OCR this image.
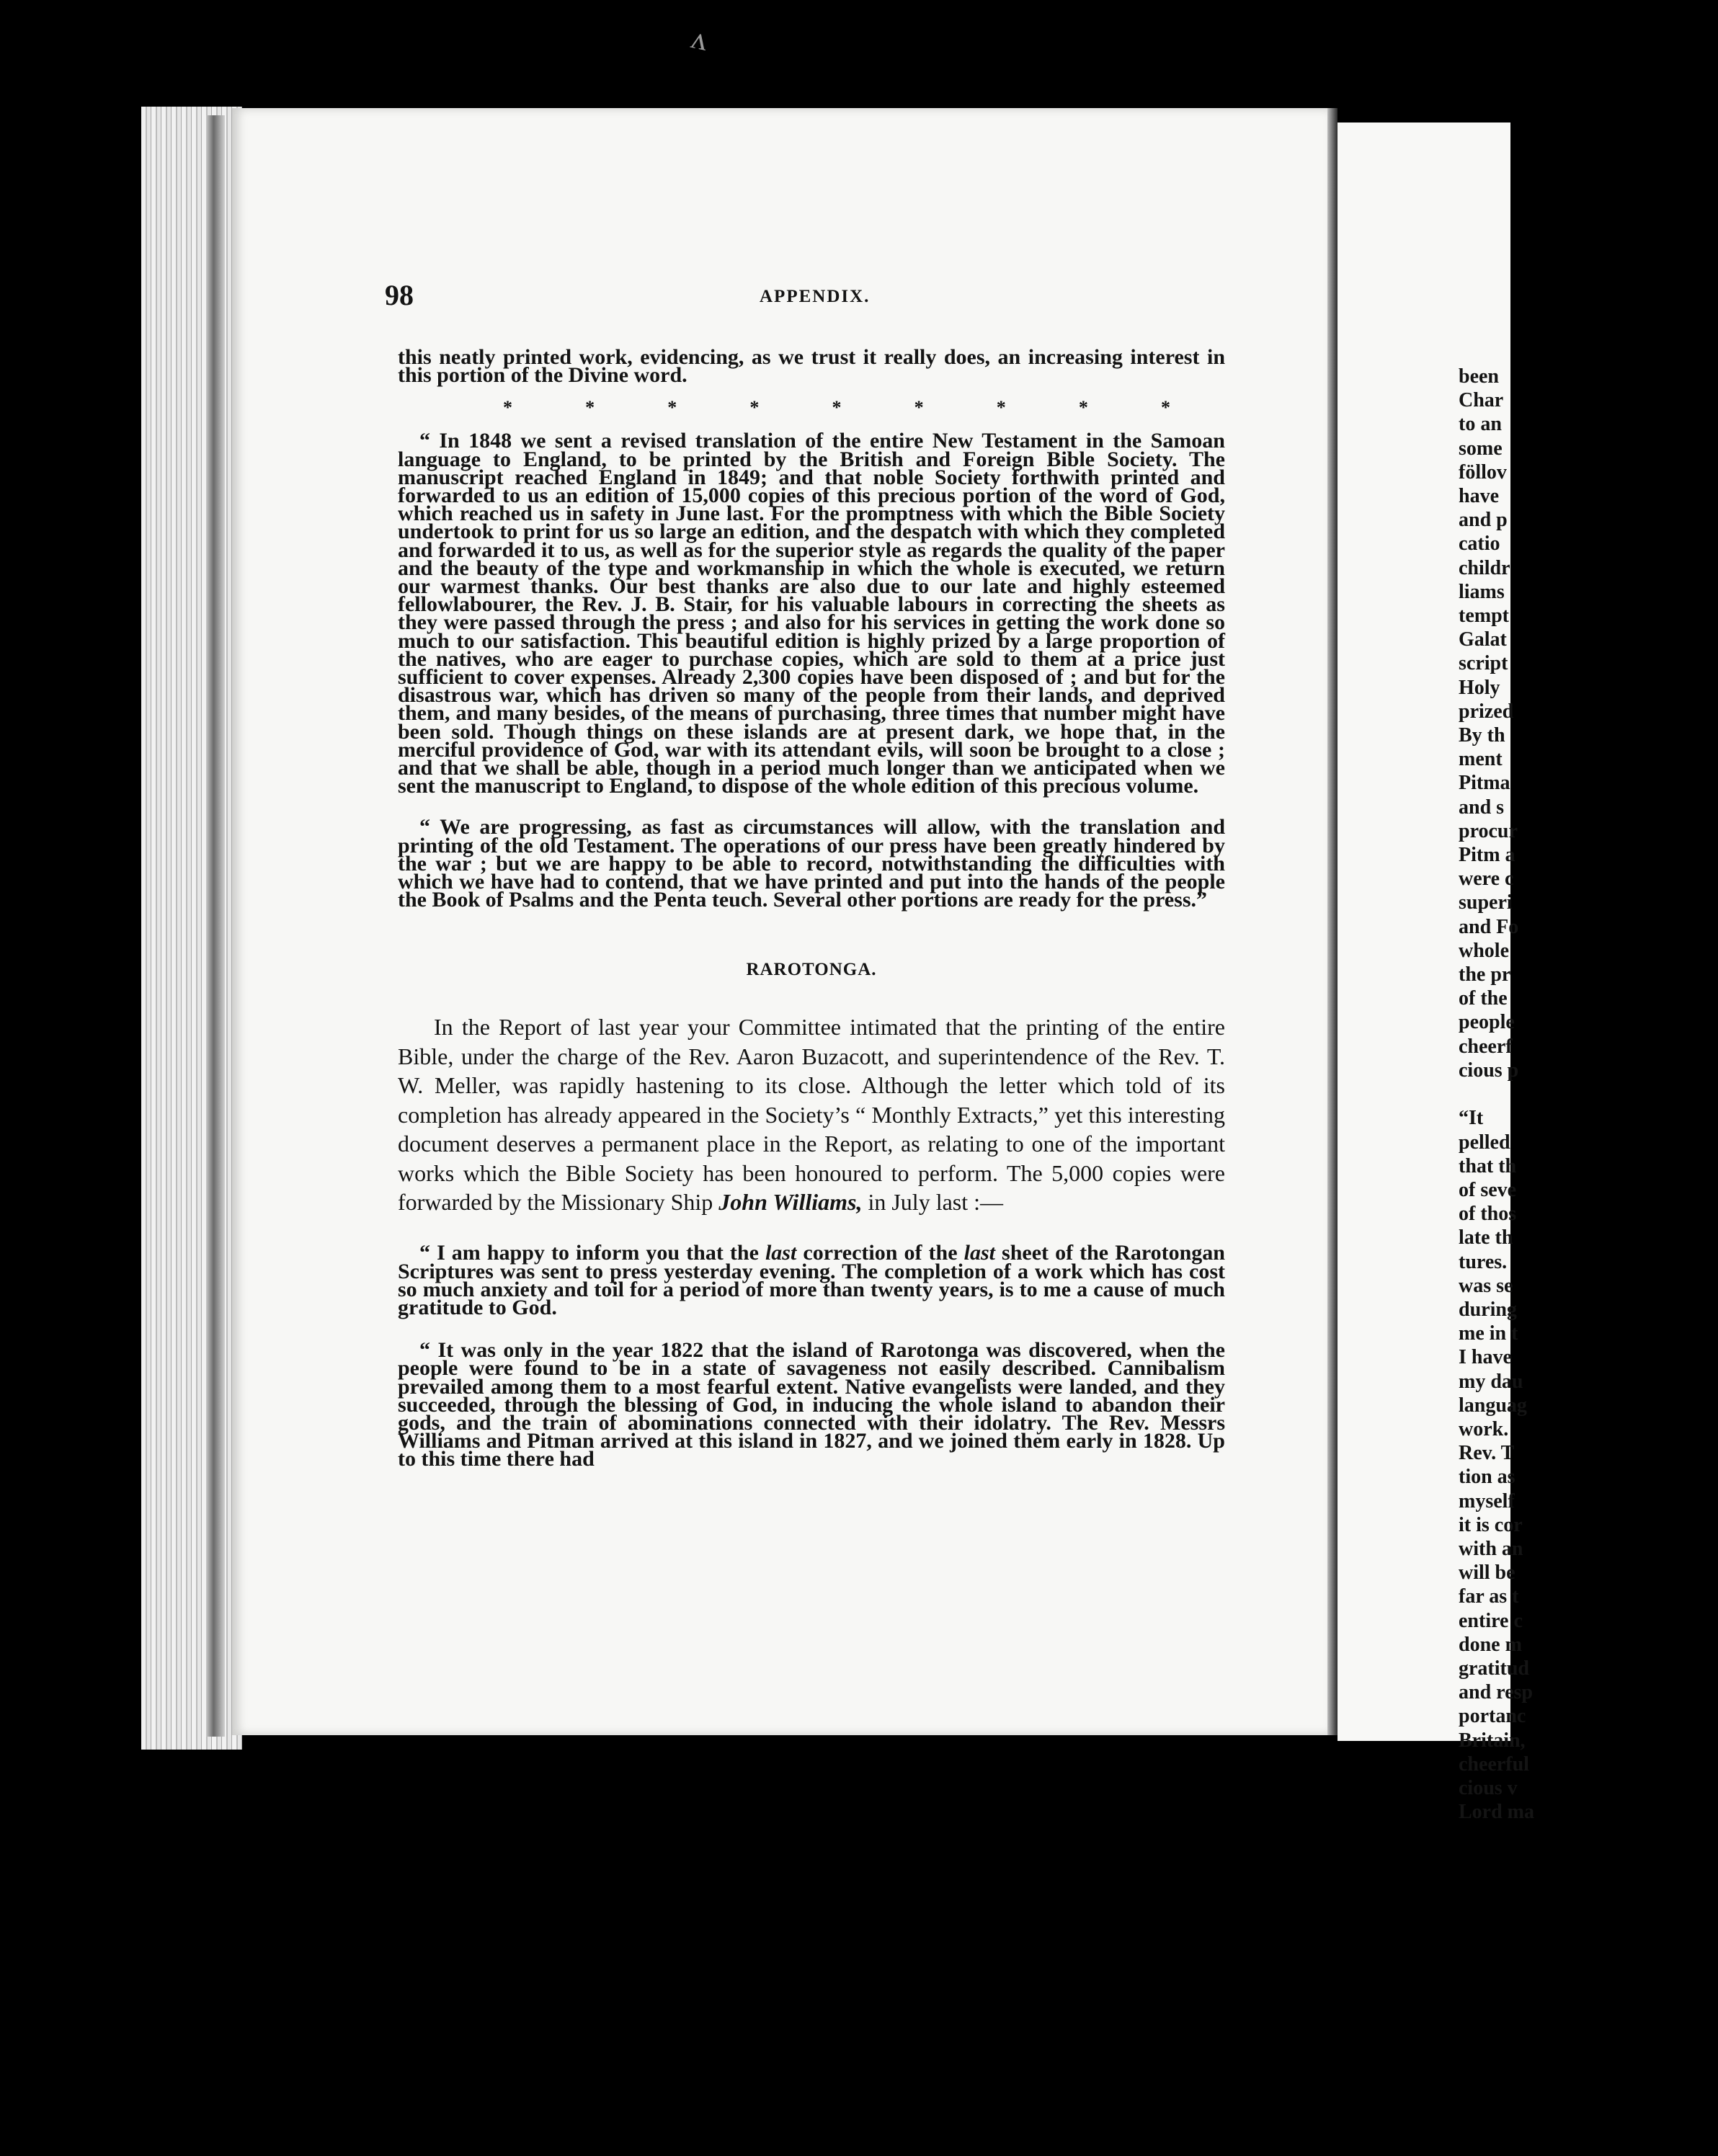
ʌ
been
Char
to an
some
föllov
have
and p
catio
childr
liams
tempt
Galat
script
Holy
prized
By th
ment
Pitma
and s
procur
Pitm a
were c
superi
and Fo
whole
the pr
of the
people
cheerf
cious p

“It
pelled
that th
of seve
of thos
late th
tures.
was se
during
me in t
I have
my dau
languag
work.
Rev. T
tion as
myself
it is cor
with an
will be
far as t
entire c
done m
gratitud
and resp
portanc
Britain,
cheerful
cious v
Lord ma
98	APPENDIX.

this neatly printed work, evidencing, as we trust it really does, an increasing interest in this portion of the Divine word.

*	*	*	*	*	*	*	*	*

“ In 1848 we sent a revised translation of the entire New Testament in the Samoan language to England, to be printed by the British and Foreign Bible Society. The manuscript reached England in 1849; and that noble Society forthwith printed and forwarded to us an edition of 15,000 copies of this precious portion of the word of God, which reached us in safety in June last. For the promptness with which the Bible Society undertook to print for us so large an edition, and the despatch with which they completed and forwarded it to us, as well as for the superior style as regards the quality of the paper and the beauty of the type and workmanship in which the whole is executed, we return our warmest thanks. Our best thanks are also due to our late and highly esteemed fellowlabourer, the Rev. J. B. Stair, for his valuable labours in correcting the sheets as they were passed through the press ; and also for his services in getting the work done so much to our satisfaction. This beautiful edition is highly prized by a large proportion of the natives, who are eager to purchase copies, which are sold to them at a price just sufficient to cover expenses. Already 2,300 copies have been disposed of ; and but for the disastrous war, which has driven so many of the people from their lands, and deprived them, and many besides, of the means of purchasing, three times that number might have been sold. Though things on these islands are at present dark, we hope that, in the merciful providence of God, war with its attendant evils, will soon be brought to a close ; and that we shall be able, though in a period much longer than we anticipated when we sent the manuscript to England, to dispose of the whole edition of this precious volume.

“ We are progressing, as fast as circumstances will allow, with the translation and printing of the old Testament. The operations of our press have been greatly hindered by the war ; but we are happy to be able to record, notwithstanding the difficulties with which we have had to contend, that we have printed and put into the hands of the people the Book of Psalms and the Penta teuch. Several other portions are ready for the press.”

RAROTONGA.

In the Report of last year your Committee intimated that the printing of the entire Bible, under the charge of the Rev. Aaron Buzacott, and superintendence of the Rev. T. W. Meller, was rapidly hastening to its close. Although the letter which told of its completion has already appeared in the Society’s “ Monthly Extracts,” yet this interesting document deserves a permanent place in the Report, as relating to one of the important works which the Bible Society has been honoured to perform. The 5,000 copies were forwarded by the Missionary Ship John Williams, in July last :—

“ I am happy to inform you that the last correction of the last sheet of the Rarotongan Scriptures was sent to press yesterday evening. The completion of a work which has cost so much anxiety and toil for a period of more than twenty years, is to me a cause of much gratitude to God.

“ It was only in the year 1822 that the island of Rarotonga was discovered, when the people were found to be in a state of savageness not easily described. Cannibalism prevailed among them to a most fearful extent. Native evangelists were landed, and they succeeded, through the blessing of God, in inducing the whole island to abandon their gods, and the train of abominations connected with their idolatry. The Rev. Messrs Williams and Pitman arrived at this island in 1827, and we joined them early in 1828. Up to this time there had
